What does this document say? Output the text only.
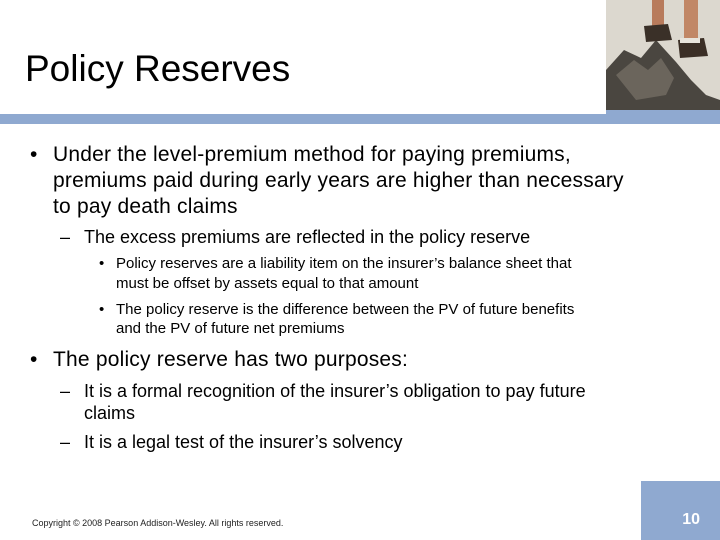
Policy Reserves
• Under the level-premium method for paying premiums,
premiums paid during early years are higher than necessary
to pay death claims
– The excess premiums are reflected in the policy reserve
• Policy reserves are a liability item on the insurer’s balance sheet that
must be offset by assets equal to that amount
• The policy reserve is the difference between the PV of future benefits
and the PV of future net premiums
• The policy reserve has two purposes:
– It is a formal recognition of the insurer’s obligation to pay future
claims
– It is a legal test of the insurer’s solvency
Copyright © 2008 Pearson Addison-Wesley. All rights reserved.	10
